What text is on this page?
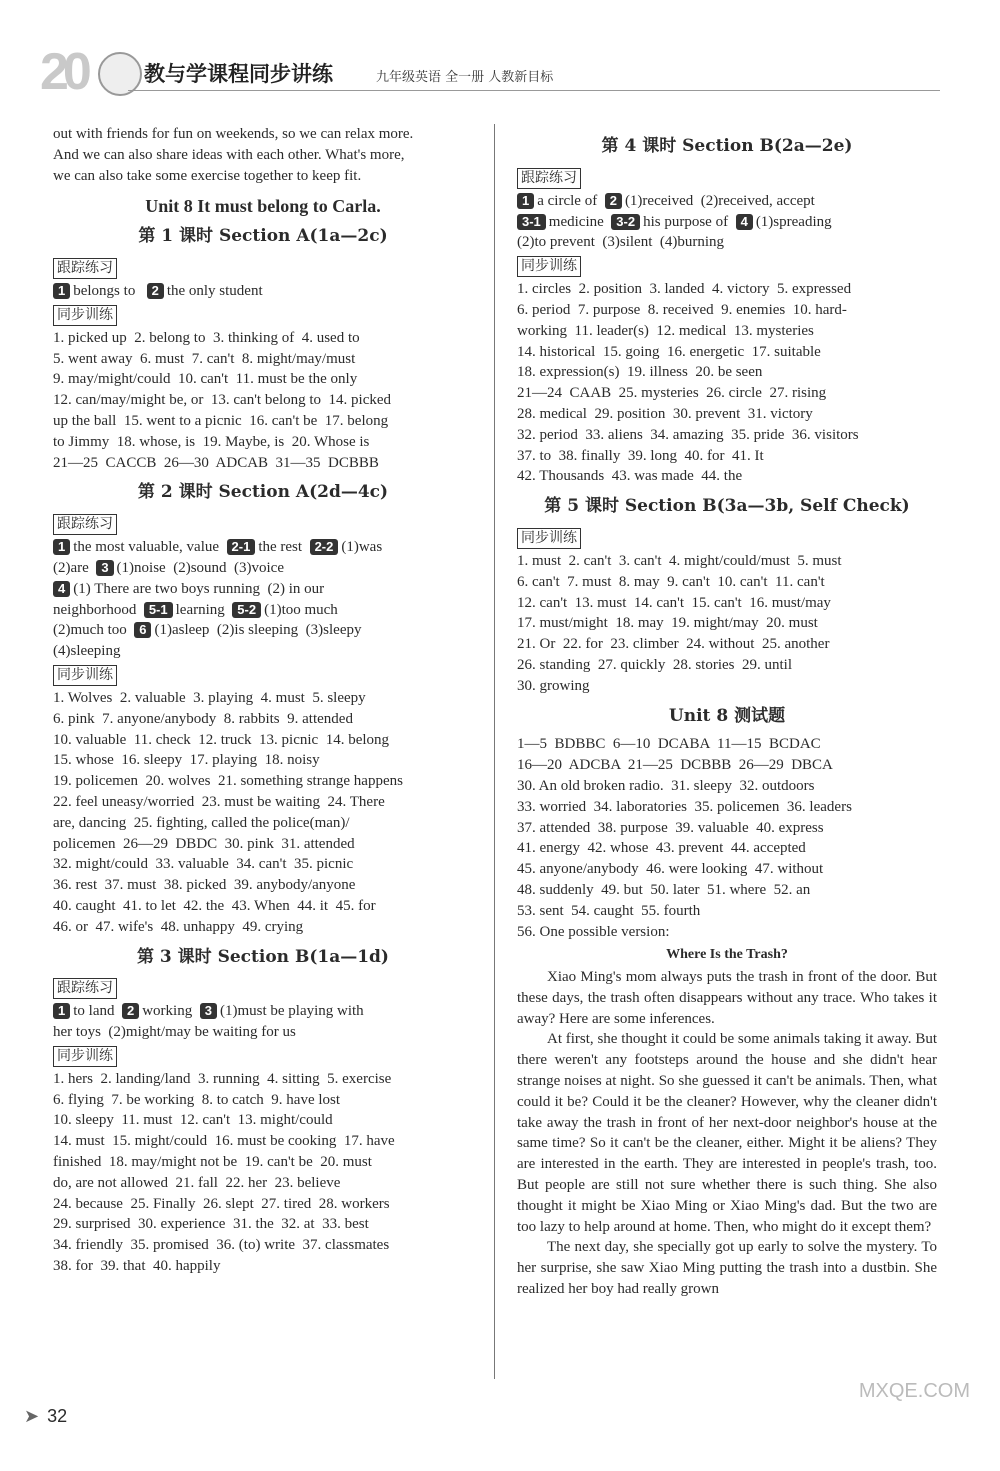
20	教与学课程同步讲练	九年级英语 全一册 人教新目标

out with friends for fun on weekends, so we can relax more.

And we can also share ideas with each other. What's more,

we can also take some exercise together to keep fit.

Unit 8 It must belong to Carla.
第 1 课时 Section A(1a—2c)
跟踪练习

1 belongs to 2 the only student

同步训练

1. picked up  2. belong to  3. thinking of  4. used to

5. went away  6. must  7. can't  8. might/may/must

9. may/might/could  10. can't  11. must be the only

12. can/may/might be, or  13. can't belong to  14. picked

up the ball  15. went to a picnic  16. can't be  17. belong

to Jimmy  18. whose, is  19. Maybe, is  20. Whose is

21—25  CACCB  26—30  ADCAB  31—35  DCBBB

第 2 课时 Section A(2d—4c)
跟踪练习

1 the most valuable, value 2-1 the rest 2-2 (1)was

(2)are 3 (1)noise  (2)sound  (3)voice

4 (1) There are two boys running  (2) in our

neighborhood 5-1 learning 5-2 (1)too much

(2)much too 6 (1)asleep  (2)is sleeping  (3)sleepy

(4)sleeping

同步训练

1. Wolves  2. valuable  3. playing  4. must  5. sleepy

6. pink  7. anyone/anybody  8. rabbits  9. attended

10. valuable  11. check  12. truck  13. picnic  14. belong

15. whose  16. sleepy  17. playing  18. noisy

19. policemen  20. wolves  21. something strange happens

22. feel uneasy/worried  23. must be waiting  24. There

are, dancing  25. fighting, called the police(man)/

policemen  26—29  DBDC  30. pink  31. attended

32. might/could  33. valuable  34. can't  35. picnic

36. rest  37. must  38. picked  39. anybody/anyone

40. caught  41. to let  42. the  43. When  44. it  45. for

46. or  47. wife's  48. unhappy  49. crying

第 3 课时 Section B(1a—1d)
跟踪练习

1 to land 2 working 3 (1)must be playing with

her toys  (2)might/may be waiting for us

同步训练

1. hers  2. landing/land  3. running  4. sitting  5. exercise

6. flying  7. be working  8. to catch  9. have lost

10. sleepy  11. must  12. can't  13. might/could

14. must  15. might/could  16. must be cooking  17. have

finished  18. may/might not be  19. can't be  20. must

do, are not allowed  21. fall  22. her  23. believe

24. because  25. Finally  26. slept  27. tired  28. workers

29. surprised  30. experience  31. the  32. at  33. best

34. friendly  35. promised  36. (to) write  37. classmates

38. for  39. that  40. happily

第 4 课时 Section B(2a—2e)
跟踪练习

1 a circle of 2 (1)received  (2)received, accept

3-1 medicine 3-2 his purpose of 4 (1)spreading

(2)to prevent  (3)silent  (4)burning

同步训练

1. circles  2. position  3. landed  4. victory  5. expressed

6. period  7. purpose  8. received  9. enemies  10. hard-

working  11. leader(s)  12. medical  13. mysteries

14. historical  15. going  16. energetic  17. suitable

18. expression(s)  19. illness  20. be seen

21—24  CAAB  25. mysteries  26. circle  27. rising

28. medical  29. position  30. prevent  31. victory

32. period  33. aliens  34. amazing  35. pride  36. visitors

37. to  38. finally  39. long  40. for  41. It

42. Thousands  43. was made  44. the

第 5 课时 Section B(3a—3b, Self Check)
同步训练

1. must  2. can't  3. can't  4. might/could/must  5. must

6. can't  7. must  8. may  9. can't  10. can't  11. can't

12. can't  13. must  14. can't  15. can't  16. must/may

17. must/might  18. may  19. might/may  20. must

21. Or  22. for  23. climber  24. without  25. another

26. standing  27. quickly  28. stories  29. until

30. growing

Unit 8 测试题

1—5  BDBBC  6—10  DCABA  11—15  BCDAC

16—20  ADCBA  21—25  DCBBB  26—29  DBCA

30. An old broken radio.  31. sleepy  32. outdoors

33. worried  34. laboratories  35. policemen  36. leaders

37. attended  38. purpose  39. valuable  40. express

41. energy  42. whose  43. prevent  44. accepted

45. anyone/anybody  46. were looking  47. without

48. suddenly  49. but  50. later  51. where  52. an

53. sent  54. caught  55. fourth

56. One possible version:

Where Is the Trash?

Xiao Ming's mom always puts the trash in front of the door. But these days, the trash often disappears without any trace. Who takes it away? Here are some inferences.

At first, she thought it could be some animals taking it away. But there weren't any footsteps around the house and she didn't hear strange noises at night. So she guessed it can't be animals. Then, what could it be? Could it be the cleaner? However, why the cleaner didn't take away the trash in front of her next-door neighbor's house at the same time? So it can't be the cleaner, either. Might it be aliens? They are interested in the earth. They are interested in people's trash, too. But people are still not sure whether there is such thing. She also thought it might be Xiao Ming or Xiao Ming's dad. But the two are too lazy to help around at home. Then, who might do it except them?

The next day, she specially got up early to solve the mystery. To her surprise, she saw Xiao Ming putting the trash into a dustbin. She realized her boy had really grown

➤ 32
MXQE.COM
